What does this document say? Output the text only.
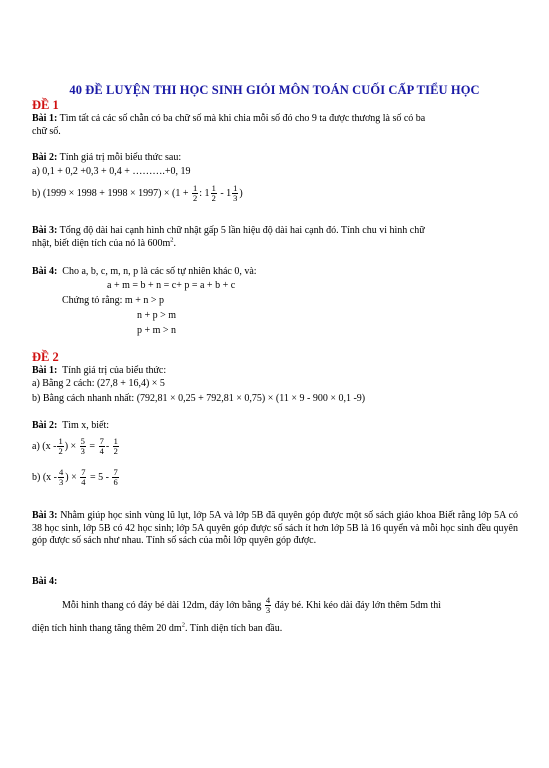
40 ĐỀ LUYỆN THI HỌC SINH GIỎI MÔN TOÁN CUỐI CẤP TIỂU HỌC
ĐỀ 1
Bài 1: Tìm tất cả các số chẵn có ba chữ số mà khi chia mỗi số đó cho 9 ta được thương là số có ba
chữ số.
Bài 2: Tính giá trị mỗi biểu thức sau:
a) 0,1 + 0,2 +0,3 + 0,4 + ……….+0, 19
b) $(1999 \times 1998 + 1998 \times 1997) \times (1 + \frac{1}{2}$ : $1 \frac{1}{2} - 1 \frac{1}{3}$ )
Bài 3: Tổng độ dài hai cạnh hình chữ nhật gấp 5 lần hiệu độ dài hai cạnh đó. Tính chu vi hình chữ
nhật, biết diện tích của nó là $600m^2$.
Bài 4: Cho a, b, c, m, n, p là các số tự nhiên khác 0, và:
a + m = b + n = c+ p = a + b + c
Chứng tỏ rằng: m + n > p
n + p > m
p + m > n
ĐỀ 2
Bài 1: Tính giá trị của biểu thức:
a) Bằng 2 cách: (27,8 + 16,4) × 5
b) Bằng cách nhanh nhất: (792,81 × 0,25 + 792,81 × 0,75) × (11 × 9 - 900 × 0,1 -9)
Bài 2: Tìm x, biết:
a) ($x - \frac{1}{2}$ ) × $\frac{5}{3} = \frac{7}{4} - \frac{1}{2}$
b) ($x - \frac{4}{3}$ ) × $\frac{7}{4} = 5 - \frac{7}{6}$
Bài 3: Nhằm giúp học sinh vùng lũ lụt, lớp 5A và lớp 5B đã quyên góp được một số sách giáo khoa Biết rằng lớp 5A có 38 học sinh, lớp 5B có 42 học sinh; lớp 5A quyên góp được số sách ít hơn lớp 5B là 16 quyển và mỗi học sinh đều quyên góp được số sách như nhau. Tính số sách của mỗi lớp quyên góp được.
Bài 4:
Mỗi hình thang có đáy bé dài 12dm, đáy lớn bằng $\frac{4}{3}$ đáy bé. Khi kéo dài đáy lớn thêm 5dm thì
diện tích hình thang tăng thêm 20 $dm^2$. Tính diện tích ban đầu.
